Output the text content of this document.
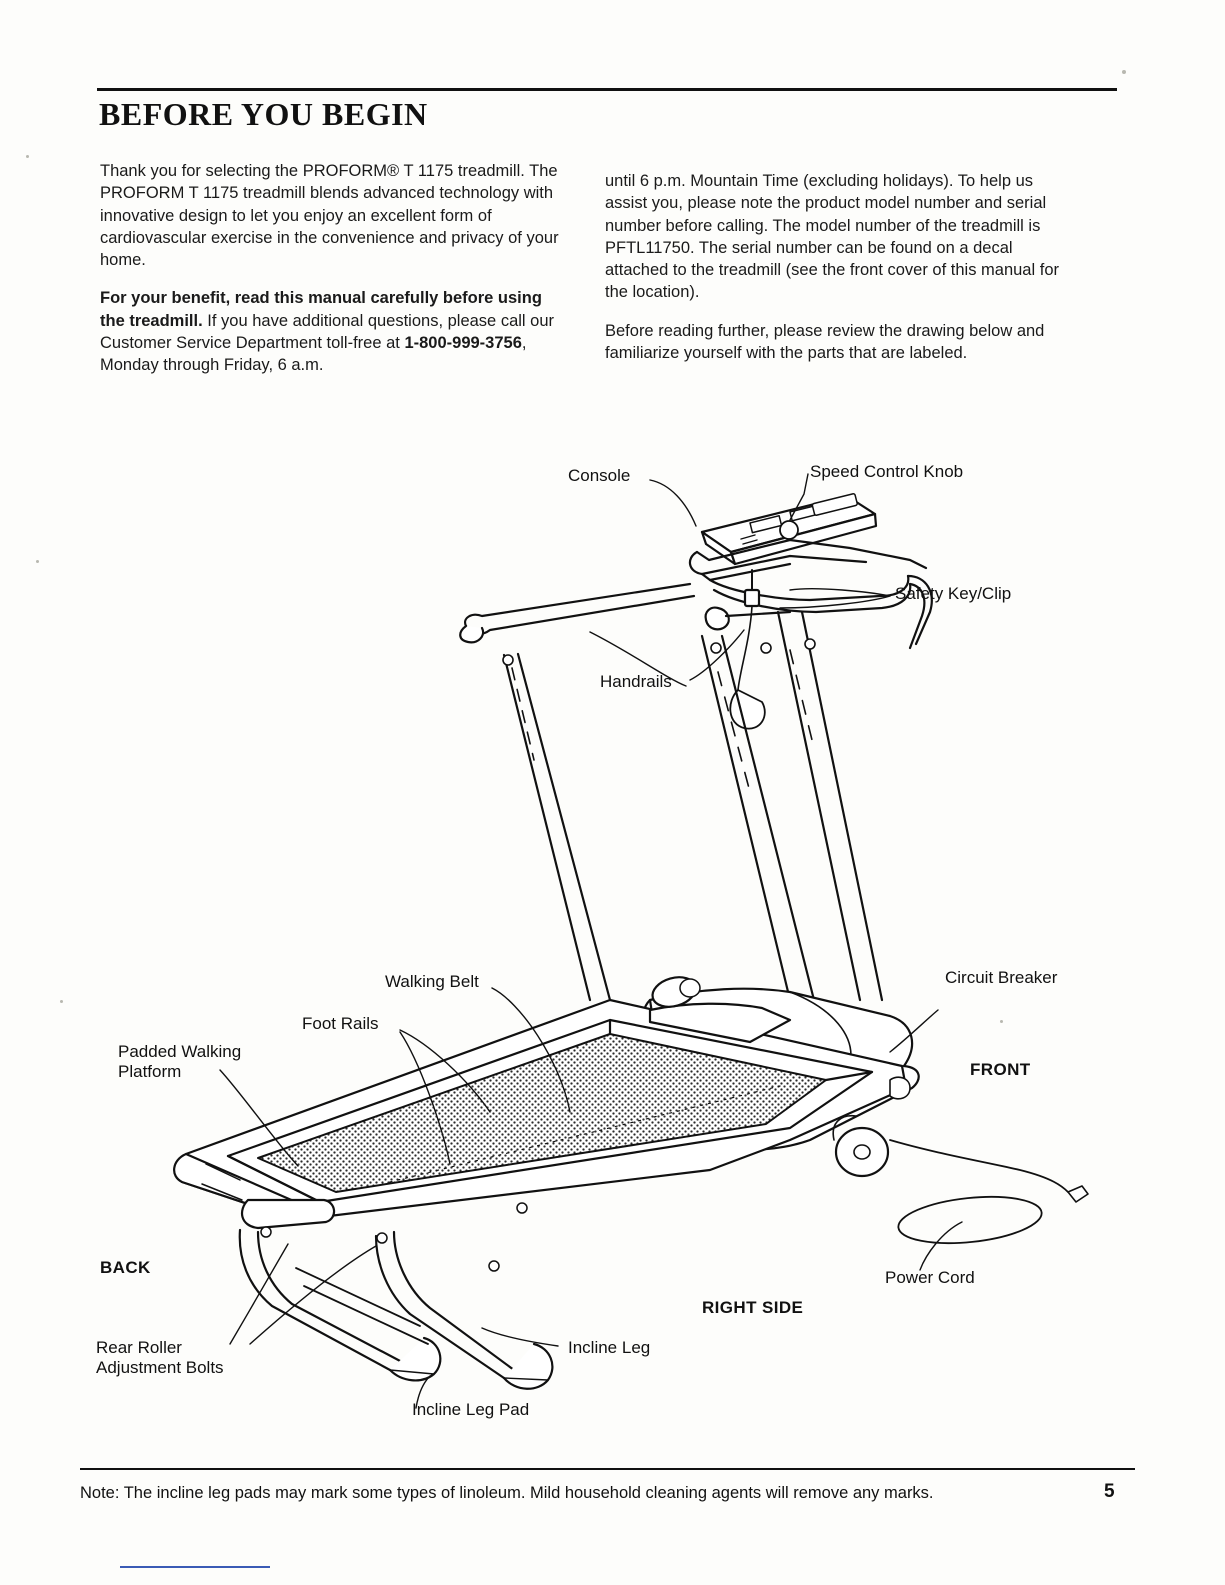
BEFORE YOU BEGIN

Thank you for selecting the PROFORM® T 1175 treadmill. The PROFORM T 1175 treadmill blends advanced technology with innovative design to let you enjoy an excellent form of cardiovascular exercise in the convenience and privacy of your home.

For your benefit, read this manual carefully before using the treadmill. If you have additional questions, please call our Customer Service Department toll-free at 1-800-999-3756, Monday through Friday, 6 a.m.

until 6 p.m. Mountain Time (excluding holidays). To help us assist you, please note the product model number and serial number before calling. The model number of the treadmill is PFTL11750. The serial number can be found on a decal attached to the treadmill (see the front cover of this manual for the location).

Before reading further, please review the drawing below and familiarize yourself with the parts that are labeled.

Console	Speed Control Knob
Safety Key/Clip
Handrails
Walking Belt
Foot Rails
Padded Walking
Platform
Circuit Breaker
FRONT
BACK
RIGHT SIDE
Power Cord
Incline Leg
Incline Leg Pad
Rear Roller
Adjustment Bolts
Note: The incline leg pads may mark some types of linoleum. Mild household cleaning agents will remove any marks.	5
